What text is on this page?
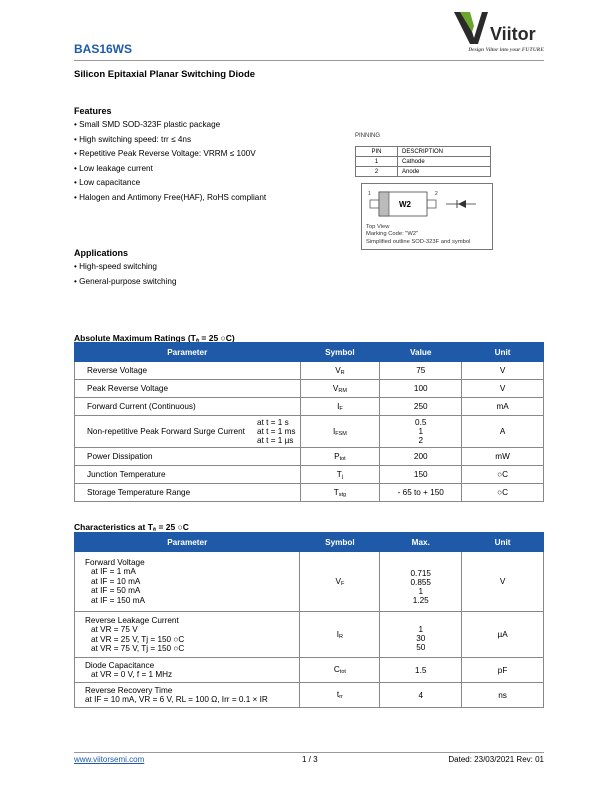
Viitor
Design Viitor into your FUTURE
BAS16WS
Silicon Epitaxial Planar Switching Diode
Features
• Small SMD SOD-323F plastic package
• High switching speed: trr ≤ 4ns
• Repetitive Peak Reverse Voltage: VRRM ≤ 100V
• Low leakage current
• Low capacitance
• Halogen and Antimony Free(HAF), RoHS compliant
Applications
• High-speed switching
• General-purpose switching
PINNING
PIN	DESCRIPTION
1	Cathode
2	Anode
1	2
W2
Top View
Marking Code: "W2"
Simplified outline SOD-323F and symbol
Absolute Maximum Ratings (Tₐ = 25 ○C)
Parameter	Symbol	Value	Unit
Reverse Voltage	VR	75	V
Peak Reverse Voltage	VRM	100	V
Forward Current (Continuous)	IF	250	mA

Non-repetitive Peak Forward Surge Current
at t = 1 s
at t = 1 ms
at t = 1 µs	IFSM	0.5
1
2	A
Power Dissipation	Ptot	200	mW
Junction Temperature	Tj	150	○C
Storage Temperature Range	Tstg	- 65 to + 150	○C
Characteristics at Tₐ = 25 ○C
Parameter	Symbol	Max.	Unit

Forward Voltage
at IF = 1 mA
at IF = 10 mA
at IF = 50 mA
at IF = 150 mA	VF	0.715
0.855
1
1.25	V

Reverse Leakage Current
at VR = 75 V
at VR = 25 V, Tj = 150 ○C
at VR = 75 V, Tj = 150 ○C	IR	1
30
50	µA

Diode Capacitance
at VR = 0 V, f = 1 MHz	Ctot	1.5	pF

Reverse Recovery Time
at IF = 10 mA, VR = 6 V, RL = 100 Ω, Irr = 0.1 × IR	trr	4	ns
www.viitorsemi.com	1 / 3	Dated: 23/03/2021 Rev: 01
